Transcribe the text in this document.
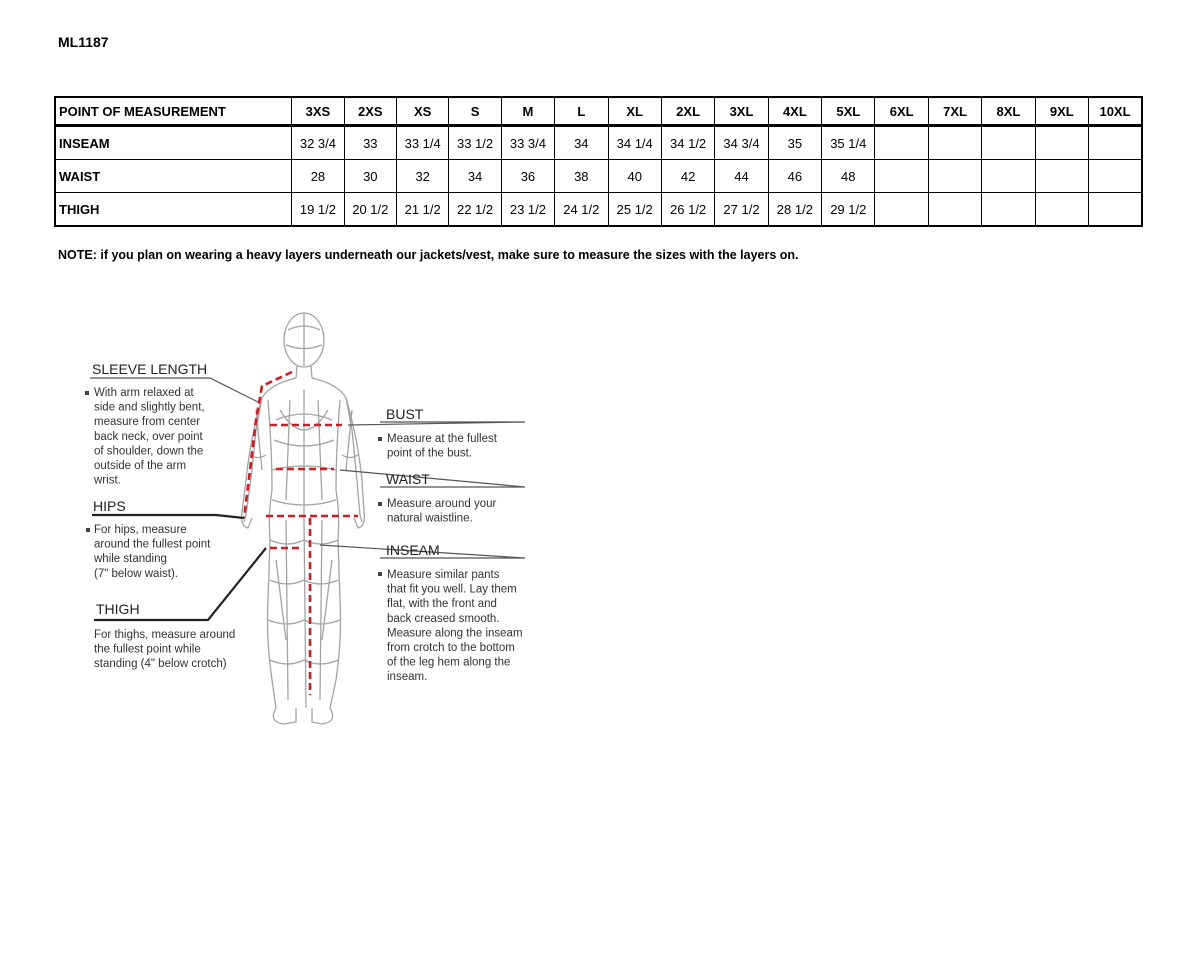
ML1187
POINT OF MEASUREMENT	3XS	2XS	XS	S	M	L	XL	2XL	3XL	4XL	5XL	6XL	7XL	8XL	9XL	10XL
INSEAM	32 3/4	33	33 1/4	33 1/2	33 3/4	34	34 1/4	34 1/2	34 3/4	35	35 1/4					
WAIST	28	30	32	34	36	38	40	42	44	46	48					
THIGH	19 1/2	20 1/2	21 1/2	22 1/2	23 1/2	24 1/2	25 1/2	26 1/2	27 1/2	28 1/2	29 1/2					
NOTE: if you plan on wearing a heavy layers underneath our jackets/vest, make sure to measure the sizes with the layers on.
SLEEVE LENGTH
With arm relaxed at side and slightly bent, measure from center back neck, over point of shoulder, down the outside of the arm wrist.
HIPS
For hips, measure around the fullest point while standing (7" below waist).
THIGH
For thighs, measure around the fullest point while standing (4" below crotch)
BUST
Measure at the fullest point of the bust.
WAIST
Measure around your natural waistline.
INSEAM
Measure similar pants that fit you well. Lay them flat, with the front and back creased smooth. Measure along the inseam from crotch to the bottom of the leg hem along the inseam.
